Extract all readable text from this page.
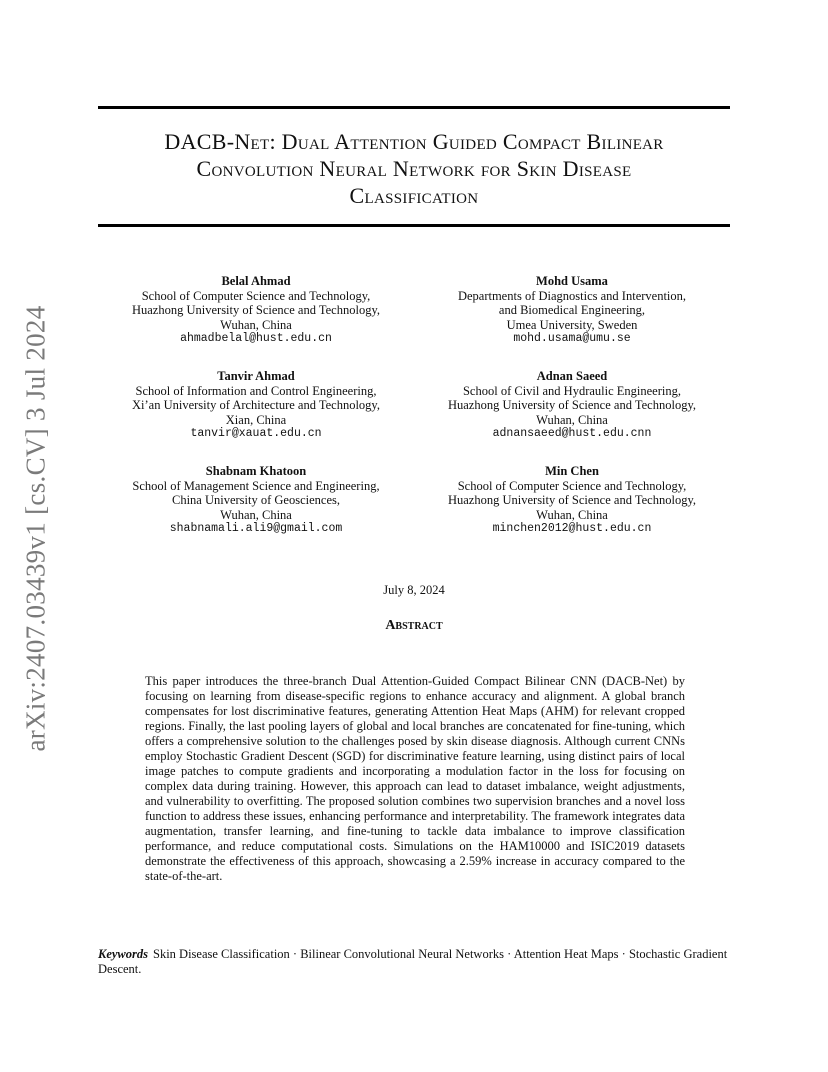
arXiv:2407.03439v1 [cs.CV] 3 Jul 2024
DACB-Net: Dual Attention Guided Compact Bilinear
Convolution Neural Network for Skin Disease
Classification
Belal Ahmad
School of Computer Science and Technology,
Huazhong University of Science and Technology,
Wuhan, China
ahmadbelal@hust.edu.cn
Mohd Usama
Departments of Diagnostics and Intervention,
and Biomedical Engineering,
Umea University, Sweden
mohd.usama@umu.se
Tanvir Ahmad
School of Information and Control Engineering,
Xi’an University of Architecture and Technology,
Xian, China
tanvir@xauat.edu.cn
Adnan Saeed
School of Civil and Hydraulic Engineering,
Huazhong University of Science and Technology,
Wuhan, China
adnansaeed@hust.edu.cnn
Shabnam Khatoon
School of Management Science and Engineering,
China University of Geosciences,
Wuhan, China
shabnamali.ali9@gmail.com
Min Chen
School of Computer Science and Technology,
Huazhong University of Science and Technology,
Wuhan, China
minchen2012@hust.edu.cn
July 8, 2024
Abstract

This paper introduces the three-branch Dual Attention-Guided Compact Bilinear CNN (DACB-Net) by focusing on learning from disease-specific regions to enhance accuracy and alignment. A global branch compensates for lost discriminative features, generating Attention Heat Maps (AHM) for relevant cropped regions. Finally, the last pooling layers of global and local branches are concatenated for fine-tuning, which offers a comprehensive solution to the challenges posed by skin disease diagnosis. Although current CNNs employ Stochastic Gradient Descent (SGD) for discriminative feature learning, using distinct pairs of local image patches to compute gradients and incorporating a modulation factor in the loss for focusing on complex data during training. However, this approach can lead to dataset imbalance, weight adjustments, and vulnerability to overfitting. The proposed solution combines two supervision branches and a novel loss function to address these issues, enhancing performance and interpretability. The framework integrates data augmentation, transfer learning, and fine-tuning to tackle data imbalance to improve classification performance, and reduce computational costs. Simulations on the HAM10000 and ISIC2019 datasets demonstrate the effectiveness of this approach, showcasing a 2.59% increase in accuracy compared to the state-of-the-art.

Keywords Skin Disease Classification · Bilinear Convolutional Neural Networks · Attention Heat Maps · Stochastic Gradient Descent.
